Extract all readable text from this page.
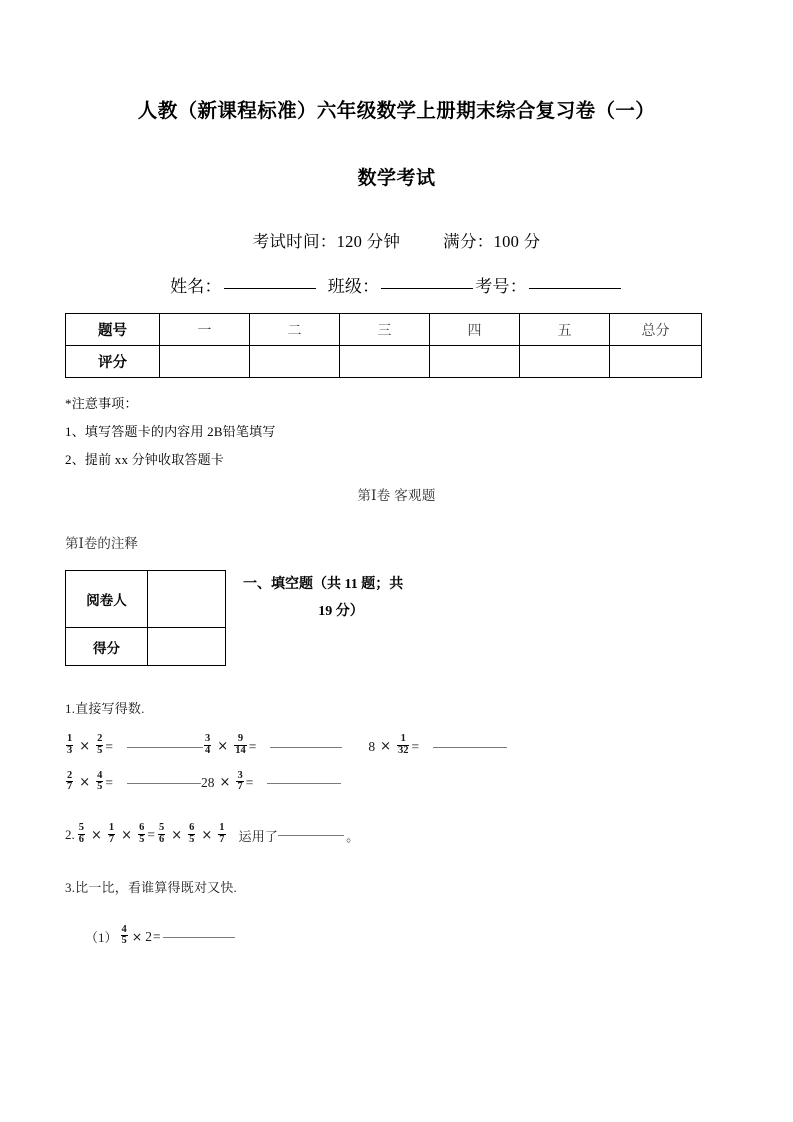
人教（新课程标准）六年级数学上册期末综合复习卷（一）
数学考试
考试时间：120 分钟	满分：100 分
姓名：	班级：	考号：
题号	一	二	三	四	五	总分
评分						
*注意事项：
1、填写答题卡的内容用 2B铅笔填写
2、提前 xx 分钟收取答题卡
第Ⅰ卷 客观题
第Ⅰ卷的注释
阅卷人	
得分	
一、填空题（共 11 题；共
19 分）
1.直接写得数.
$\frac{1}{3} \times \frac{2}{5}$ =	$\frac{3}{4} \times \frac{9}{14}$ =	$8 \times \frac{1}{32}$ =
$\frac{2}{7} \times \frac{4}{5}$ =	$28 \times \frac{3}{7}$ =
2. $\frac{5}{6} \times \frac{1}{7} \times \frac{6}{5} = \frac{5}{6} \times \frac{6}{5} \times \frac{1}{7}$ 运用了	。
3.比一比，看谁算得既对又快.
$(1) \frac{4}{5} \times 2$ =
